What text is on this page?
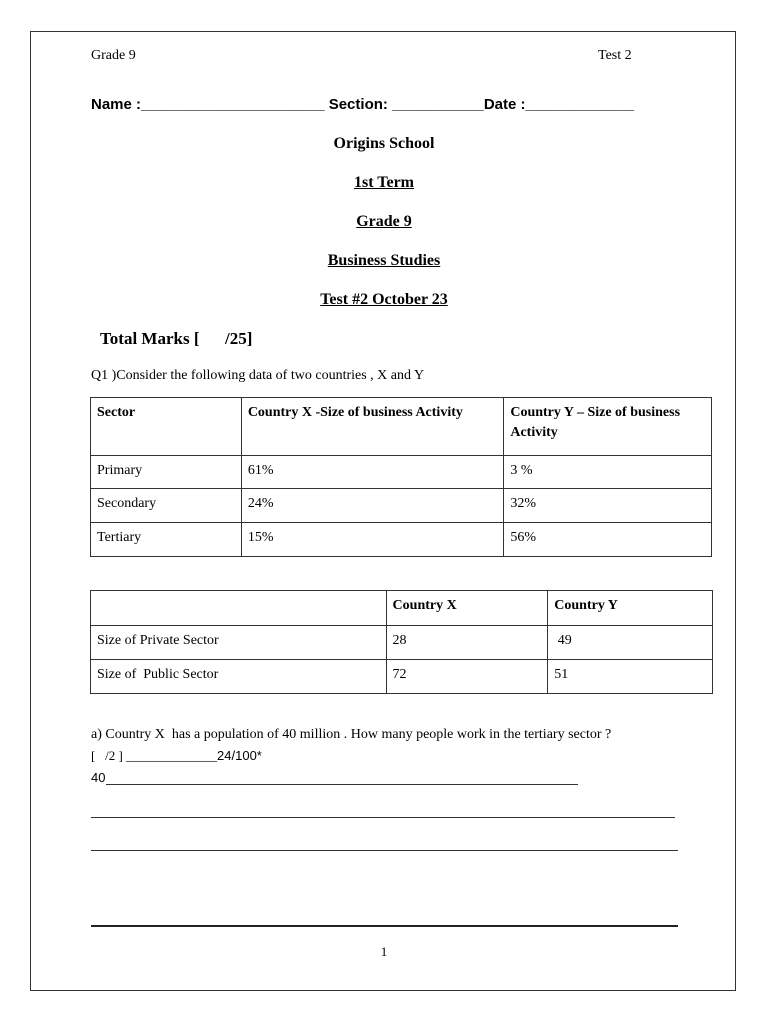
Grade 9	Test 2
Name :______________________ Section: ___________Date :_____________
Origins School
1st Term
Grade 9
Business Studies
Test #2 October 23
Total Marks [      /25]
Q1 )Consider the following data of two countries , X and Y
Sector	Country X -Size of business Activity	Country Y – Size of business Activity
Primary	61%	3 %
Secondary	24%	32%
Tertiary	15%	56%
	Country X	Country Y
Size of Private Sector	28	49
Size of  Public Sector	72	51
a) Country X  has a population of 40 million . How many people work in the tertiary sector ?
[   /2 ] ______________24/100*
40
1
